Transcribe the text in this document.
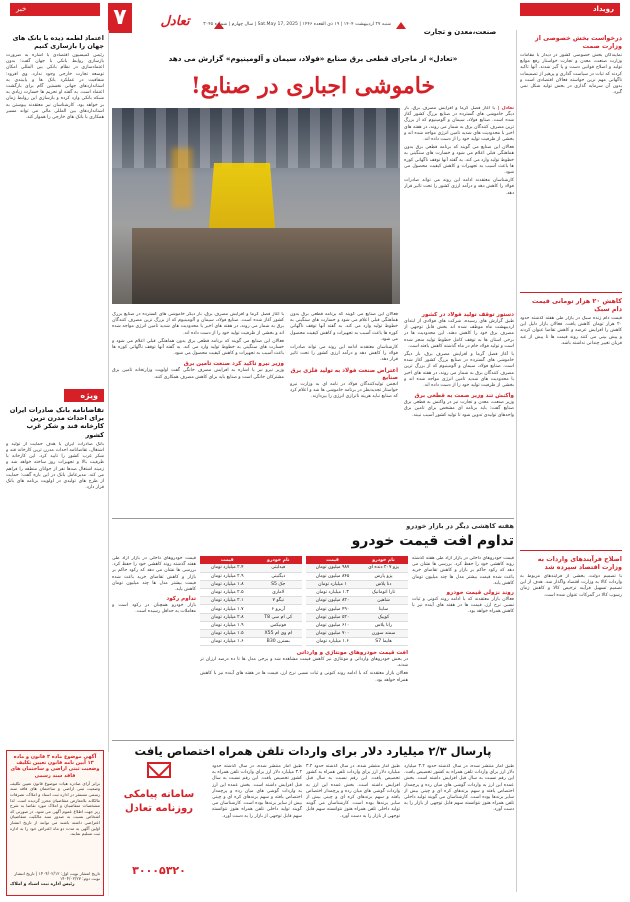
خبر	۷	تعادل	شنبه ۲۷ اردیبهشت ۱۴۰۴ | ۱۹ ذی القعده ۱۴۴۶ | Sat.May 17, 2025 | سال چهارم | شماره ۳۰۴۵
صنعت،معدن و تجارت
رویداد
درخواست بخش خصوصی از وزارت صمت
نمایندگان بخش خصوصی کشور در دیدار با مقامات وزارت صنعت، معدن و تجارت خواستار رفع موانع تولید و اصلاح قوانین دست و پا گیر شدند. آنها تاکید کردند که ثبات در سیاست گذاری و پرهیز از تصمیمات ناگهانی مهم ترین خواسته فعالان اقتصادی است و بدون آن سرمایه گذاری در بخش تولید شکل نمی گیرد.
کاهش ۲۰ هزار تومانی قیمت دام سبک
قیمت دام زنده سبک در بازار طی هفته گذشته حدود ۲۰ هزار تومان کاهش یافت. فعالان بازار دلیل این کاهش را افزایش عرضه و کاهش تقاضا عنوان کردند و پیش بینی می کنند روند قیمت ها تا پیش از عید قربان تغییر چندانی نداشته باشد.
اصلاح فرآیندهای واردات به وزارت اقتصاد سپرده شد
با تصمیم دولت، بخشی از فرآیندهای مربوط به واردات کالا به وزارت اقتصاد واگذار شد. هدف از این تصمیم تسهیل فرآیند ترخیص کالا و کاهش زمان رسوب کالا در گمرکات عنوان شده است.
اعتماد لطمه دیده با بانک های جهان را بازسازی کنیم
رئیس کمیسیون اقتصادی با اشاره به ضرورت بازسازی روابط بانکی با جهان گفت: بدون اعتمادسازی در نظام بانکی بین المللی امکان توسعه تجارت خارجی وجود ندارد. وی افزود: شفافیت در عملکرد بانک ها و پایبندی به استانداردهای جهانی نخستین گام برای بازگشت اعتماد است. به گفته او تحریم ها خسارت زیادی به شبکه بانکی وارد کرده و بازسازی این روابط زمان بر خواهد بود. کارشناسان نیز معتقدند پیوستن به استانداردهای بین المللی مالی می تواند مسیر همکاری با بانک های خارجی را هموار کند.
ویژه
تقاضانامه بانک صادرات ایران برای احداث مدرن ترین کارخانه قند و شکر غرب کشور
بانک صادرات ایران با هدف حمایت از تولید و اشتغال، تقاضانامه احداث مدرن ترین کارخانه قند و شکر غرب کشور را تایید کرد. این کارخانه با ظرفیت بالا و تجهیزات روز ساخته خواهد شد و زمینه اشتغال صدها نفر از جوانان منطقه را فراهم می کند. مدیرعامل بانک در این باره گفت: حمایت از طرح های تولیدی در اولویت برنامه های بانک قرار دارد.
آگهی موضوع ماده ۳ قانون و ماده ۱۳ آیین نامه قانون تعیین تکلیف وضعیت ثبتی اراضی و ساختمان های فاقد سند رسمی
برابر آرای صادره هیات موضوع قانون تعیین تکلیف وضعیت ثبتی اراضی و ساختمان های فاقد سند رسمی مستقر در اداره ثبت اسناد و املاک، تصرفات مالکانه بلامعارض متقاضیان محرز گردیده است. لذا مشخصات متقاضیان و املاک مورد تقاضا به شرح زیر جهت اطلاع عموم آگهی می شود. در صورتی که اشخاص نسبت به صدور سند مالکیت متقاضیان اعتراضی داشته باشند می توانند از تاریخ انتشار اولین آگهی به مدت دو ماه اعتراض خود را به اداره ثبت تسلیم نمایند.
تاریخ انتشار نوبت اول: ۱۴۰۴/۰۲/۱۲ | تاریخ انتشار نوبت دوم: ۱۴۰۴/۰۲/۲۷
رئیس اداره ثبت اسناد و املاک
سامانه پیامکی روزنامه تعادل
۳۰۰۰۵۳۲۰
«تعادل» از ماجرای قطعی برق صنایع «فولاد، سیمان و آلومینیوم» گزارش می دهد
خاموشی اجباری در صنایع!
تعادل | با آغاز فصل گرما و افزایش مصرف برق، بار دیگر خاموشی های گسترده در صنایع بزرگ کشور آغاز شده است. صنایع فولاد، سیمان و آلومینیوم که از بزرگ ترین مصرف کنندگان برق به شمار می روند، در هفته های اخیر با محدودیت های شدید تامین انرژی مواجه شده اند و بخشی از ظرفیت تولید خود را از دست داده اند.
فعالان این صنایع می گویند که برنامه قطعی برق بدون هماهنگی قبلی اعلام می شود و خسارت های سنگینی به خطوط تولید وارد می کند. به گفته آنها توقف ناگهانی کوره ها باعث آسیب به تجهیزات و کاهش کیفیت محصول می شود.
کارشناسان معتقدند ادامه این روند می تواند صادرات فولاد را کاهش دهد و درآمد ارزی کشور را تحت تاثیر قرار دهد.
دستور توقف تولید فولاد در کشور
طبق گزارش های رسیده، شرکت های فولادی از ابتدای اردیبهشت ماه موظف شده اند بخش قابل توجهی از مصرف برق خود را کاهش دهند. این محدودیت ها در برخی استان ها به توقف کامل خطوط تولید منجر شده است و تولید فولاد خام در ماه گذشته کاهش یافته است.
با آغاز فصل گرما و افزایش مصرف برق، بار دیگر خاموشی های گسترده در صنایع بزرگ کشور آغاز شده است. صنایع فولاد، سیمان و آلومینیوم که از بزرگ ترین مصرف کنندگان برق به شمار می روند، در هفته های اخیر با محدودیت های شدید تامین انرژی مواجه شده اند و بخشی از ظرفیت تولید خود را از دست داده اند.
واکنش تند وزیر صمت به قطعی برق
وزیر صنعت، معدن و تجارت نیز در واکنش به قطعی برق صنایع گفت: باید برنامه ای مشخص برای تامین برق واحدهای تولیدی تدوین شود تا تولید کشور آسیب نبیند.
فعالان این صنایع می گویند که برنامه قطعی برق بدون هماهنگی قبلی اعلام می شود و خسارت های سنگینی به خطوط تولید وارد می کند. به گفته آنها توقف ناگهانی کوره ها باعث آسیب به تجهیزات و کاهش کیفیت محصول می شود.
کارشناسان معتقدند ادامه این روند می تواند صادرات فولاد را کاهش دهد و درآمد ارزی کشور را تحت تاثیر قرار دهد.
اعتراض صنعت فولاد به تولید فلزی برق صنایع
انجمن تولیدکنندگان فولاد در نامه ای به وزارت نیرو خواستار تجدیدنظر در برنامه خاموشی ها شد و اعلام کرد که صنایع نباید هزینه ناترازی انرژی را بپردازند.
با آغاز فصل گرما و افزایش مصرف برق، بار دیگر خاموشی های گسترده در صنایع بزرگ کشور آغاز شده است. صنایع فولاد، سیمان و آلومینیوم که از بزرگ ترین مصرف کنندگان برق به شمار می روند، در هفته های اخیر با محدودیت های شدید تامین انرژی مواجه شده اند و بخشی از ظرفیت تولید خود را از دست داده اند.
فعالان این صنایع می گویند که برنامه قطعی برق بدون هماهنگی قبلی اعلام می شود و خسارت های سنگینی به خطوط تولید وارد می کند. به گفته آنها توقف ناگهانی کوره ها باعث آسیب به تجهیزات و کاهش کیفیت محصول می شود.
وزیر نیرو تاکید کرد صنعت تامین برق
وزیر نیرو نیز با اشاره به افزایش مصرف خانگی گفت اولویت وزارتخانه تامین برق مشترکان خانگی است و صنایع باید برای کاهش مصرف همکاری کنند.
هفته کاهشی دیگر در بازار خودرو
تداوم افت قیمت خودرو
قیمت خودروهای داخلی در بازار آزاد طی هفته گذشته روند کاهشی خود را حفظ کرد. بررسی ها نشان می دهد که رکود حاکم بر بازار و کاهش تقاضای خرید باعث شده قیمت بیشتر مدل ها چند میلیون تومان کاهش یابد.
روند نزولی قیمت خودرو
فعالان بازار معتقدند که با ادامه روند کنونی و ثبات نسبی نرخ ارز، قیمت ها در هفته های آینده نیز با کاهش همراه خواهد بود.
نام خودرو	قیمت
پژو ۲۰۷ دنده ای	۹۸۷ میلیون تومان
پژو پارس	۸۴۵ میلیون تومان
دنا پلاس	۱ میلیارد تومان
تارا اتوماتیک	۱.۳ میلیارد تومان
شاهین	۸۲۰ میلیون تومان
ساینا	۴۹۰ میلیون تومان
کوییک	۵۲۰ میلیون تومان
رانا پلاس	۶۱۰ میلیون تومان
سمند سورن	۷۰۰ میلیون تومان
هایما S7	۱.۶ میلیارد تومان
نام خودرو	قیمت
فیدلیتی	۲.۴ میلیارد تومان
دیگنیتی	۲.۹ میلیارد تومان
جک S5	۱.۸ میلیارد تومان
لاماری	۲.۵ میلیارد تومان
تیگو ۷	۲.۱ میلیارد تومان
آریزو ۶	۱.۷ میلیارد تومان
کی ام سی T8	۲.۸ میلیارد تومان
فونیکس	۱.۹ میلیارد تومان
ام وی ام X55	۱.۵ میلیارد تومان
بسترن B30	۱.۶ میلیارد تومان
قیمت خودروهای داخلی در بازار آزاد طی هفته گذشته روند کاهشی خود را حفظ کرد. بررسی ها نشان می دهد که رکود حاکم بر بازار و کاهش تقاضای خرید باعث شده قیمت بیشتر مدل ها چند میلیون تومان کاهش یابد.
تداوم رکود
بازار خودرو همچنان در رکود است و معاملات به حداقل رسیده است.
افت قیمت خودروهای مونتاژی و وارداتی
در بخش خودروهای وارداتی و مونتاژی نیز کاهش قیمت مشاهده شد و برخی مدل ها تا ده درصد ارزان تر شدند.
فعالان بازار معتقدند که با ادامه روند کنونی و ثبات نسبی نرخ ارز، قیمت ها در هفته های آینده نیز با کاهش همراه خواهد بود.
پارسال ۲/۳ میلیارد دلار برای واردات تلفن همراه اختصاص یافت
طبق آمار منتشر شده، در سال گذشته حدود ۳.۲ میلیارد دلار ارز برای واردات تلفن همراه به کشور تخصیص یافت. این رقم نسبت به سال قبل افزایش داشته است. بخش عمده این ارز به واردات گوشی های میان رده و پرچمدار اختصاص یافته و سهم برندهای کره ای و چینی بیش از سایر برندها بوده است. کارشناسان می گویند تولید داخلی تلفن همراه هنوز نتوانسته سهم قابل توجهی از بازار را به دست آورد.
طبق آمار منتشر شده، در سال گذشته حدود ۳.۲ میلیارد دلار ارز برای واردات تلفن همراه به کشور تخصیص یافت. این رقم نسبت به سال قبل افزایش داشته است. بخش عمده این ارز به واردات گوشی های میان رده و پرچمدار اختصاص یافته و سهم برندهای کره ای و چینی بیش از سایر برندها بوده است. کارشناسان می گویند تولید داخلی تلفن همراه هنوز نتوانسته سهم قابل توجهی از بازار را به دست آورد.
طبق آمار منتشر شده، در سال گذشته حدود ۳.۲ میلیارد دلار ارز برای واردات تلفن همراه به کشور تخصیص یافت. این رقم نسبت به سال قبل افزایش داشته است. بخش عمده این ارز به واردات گوشی های میان رده و پرچمدار اختصاص یافته و سهم برندهای کره ای و چینی بیش از سایر برندها بوده است. کارشناسان می گویند تولید داخلی تلفن همراه هنوز نتوانسته سهم قابل توجهی از بازار را به دست آورد.
